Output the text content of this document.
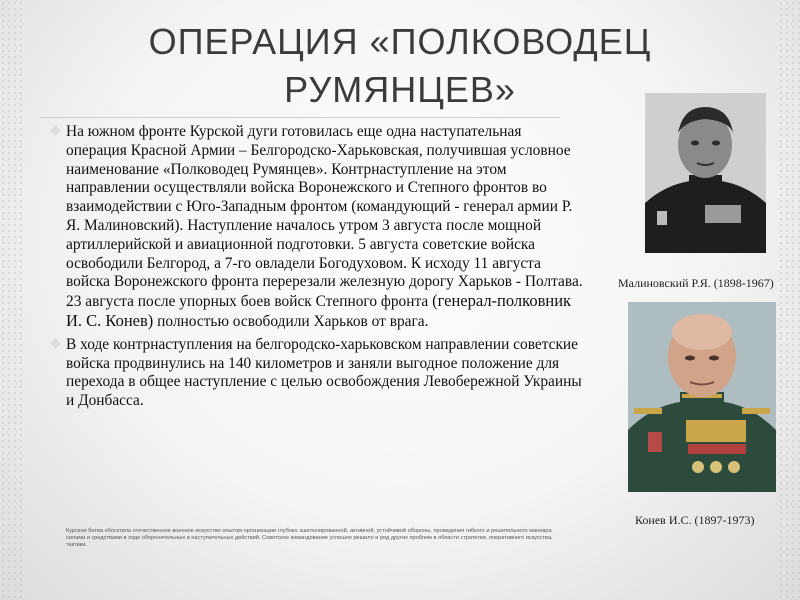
ОПЕРАЦИЯ «ПОЛКОВОДЕЦ
РУМЯНЦЕВ»

◆ На южном фронте Курской дуги готовилась еще одна наступательная операция Красной Армии – Белгородско-Харьковская, получившая условное наименование «Полководец Румянцев». Контрнаступление на этом направлении осуществляли войска Воронежского и Степного фронтов во взаимодействии с Юго-Западным фронтом (командующий - генерал армии Р. Я. Малиновский). Наступление началось утром 3 августа после мощной артиллерийской и авиационной подготовки. 5 августа советские войска освободили Белгород, а 7-го овладели Богодуховом. К исходу 11 августа войска Воронежского фронта перерезали железную дорогу Харьков - Полтава. 23 августа после упорных боев войск Степного фронта (генерал-полковник И. С. Конев) полностью освободили Харьков от врага.

◆ В ходе контрнаступления на белгородско-харьковском направлении советские войска продвинулись на 140 километров и заняли выгодное положение для перехода в общее наступление с целью освобождения Левобережной Украины и Донбасса.

Курская битва обогатила отечественное военное искусство опытом организации глубоко эшелонированной, активной, устойчивой обороны, проведения гибкого и решительного маневра силами и средствами в ходе оборонительных и наступательных действий. Советское командование успешно решило и ряд других проблем в области стратегии, оперативного искусства, тактики.
Малиновский Р.Я. (1898-1967)
Конев И.С. (1897-1973)
